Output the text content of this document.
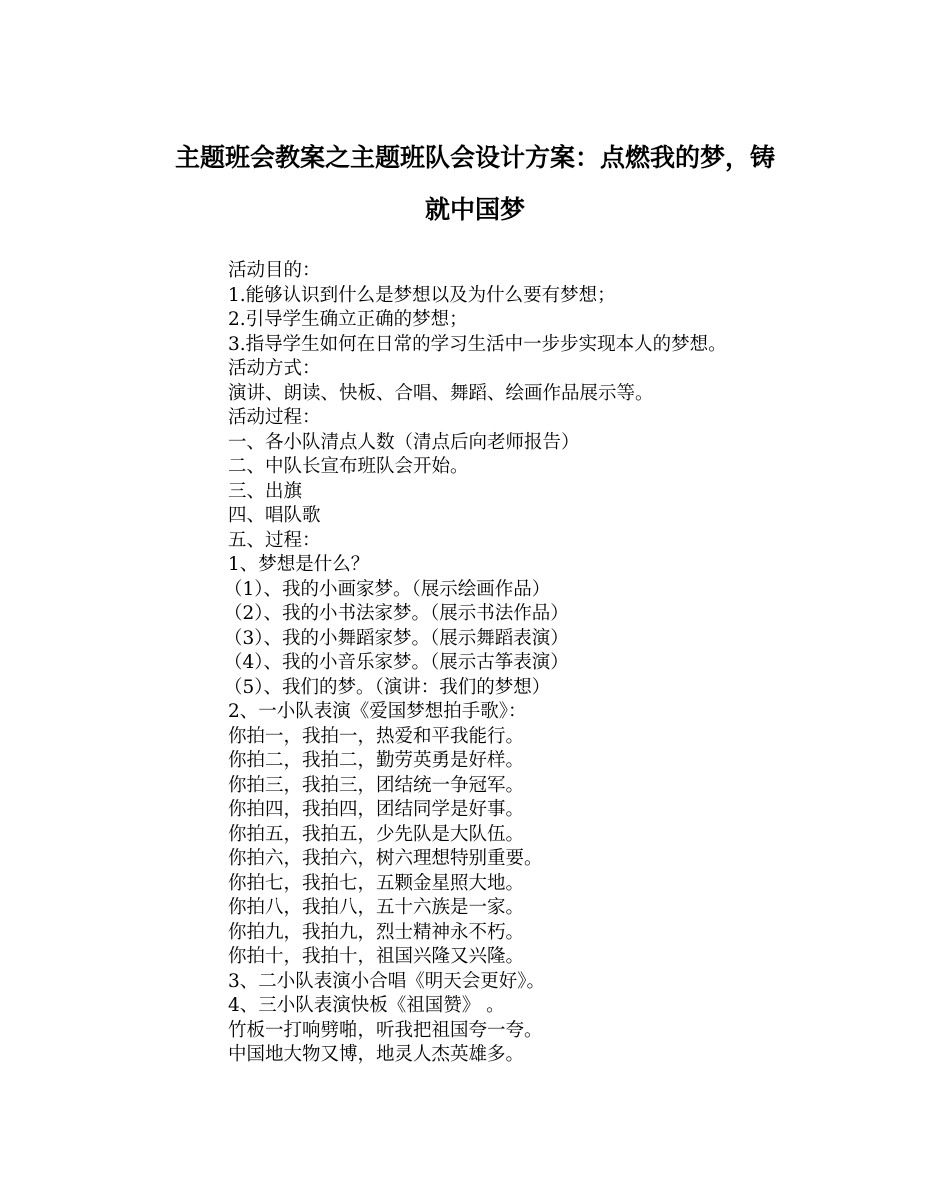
主题班会教案之主题班队会设计方案：点燃我的梦，铸
就中国梦
活动目的：
1.能够认识到什么是梦想以及为什么要有梦想；
2.引导学生确立正确的梦想；
3.指导学生如何在日常的学习生活中一步步实现本人的梦想。
活动方式：
演讲、朗读、快板、合唱、舞蹈、绘画作品展示等。
活动过程：
一、各小队清点人数（清点后向老师报告）
二、中队长宣布班队会开始。
三、出旗
四、唱队歌
五、过程：
1、梦想是什么？
（1）、我的小画家梦。（展示绘画作品）
（2）、我的小书法家梦。（展示书法作品）
（3）、我的小舞蹈家梦。（展示舞蹈表演）
（4）、我的小音乐家梦。（展示古筝表演）
（5）、我们的梦。（演讲：我们的梦想）
2、一小队表演《爱国梦想拍手歌》：
你拍一，我拍一，热爱和平我能行。
你拍二，我拍二，勤劳英勇是好样。
你拍三，我拍三，团结统一争冠军。
你拍四，我拍四，团结同学是好事。
你拍五，我拍五，少先队是大队伍。
你拍六，我拍六，树六理想特别重要。
你拍七，我拍七，五颗金星照大地。
你拍八，我拍八，五十六族是一家。
你拍九，我拍九，烈士精神永不朽。
你拍十，我拍十，祖国兴隆又兴隆。
3、二小队表演小合唱《明天会更好》。
4、三小队表演快板《祖国赞》 。
竹板一打响劈啪，听我把祖国夸一夸。
中国地大物又博，地灵人杰英雄多。
